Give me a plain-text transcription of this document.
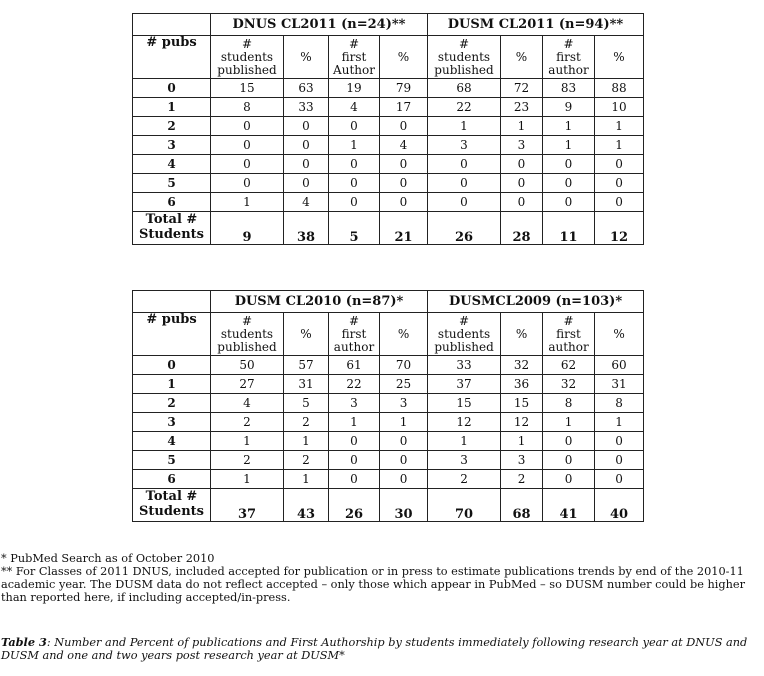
	DNUS CL2011 (n=24)**				DUSM CL2011 (n=94)**			
# pubs	#
students
published	%	#
first
Author	%	#
students
published	%	#
first
author	%

0	15	63	19	79	68	72	83	88
1	8	33	4	17	22	23	9	10
2	0	0	0	0	1	1	1	1
3	0	0	1	4	3	3	1	1
4	0	0	0	0	0	0	0	0
5	0	0	0	0	0	0	0	0
6	1	4	0	0	0	0	0	0

Total #
Students	9	38	5	21	26	28	11	12
	DUSM CL2010 (n=87)*				DUSMCL2009 (n=103)*			
# pubs	#
students
published	%	#
first
author	%	#
students
published	%	#
first
author	%

0	50	57	61	70	33	32	62	60
1	27	31	22	25	37	36	32	31
2	4	5	3	3	15	15	8	8
3	2	2	1	1	12	12	1	1
4	1	1	0	0	1	1	0	0
5	2	2	0	0	3	3	0	0
6	1	1	0	0	2	2	0	0

Total #
Students	37	43	26	30	70	68	41	40

* PubMed Search as of October 2010

** For Classes of 2011 DNUS, included accepted for publication or in press to estimate publications trends by end of the 2010-11 academic year. The DUSM data do not reflect accepted – only those which appear in PubMed – so DUSM number could be higher than reported here, if including accepted/in-press.

Table 3: Number and Percent of publications and First Authorship by students immediately following research year at DNUS and DUSM and one and two years post research year at DUSM*
